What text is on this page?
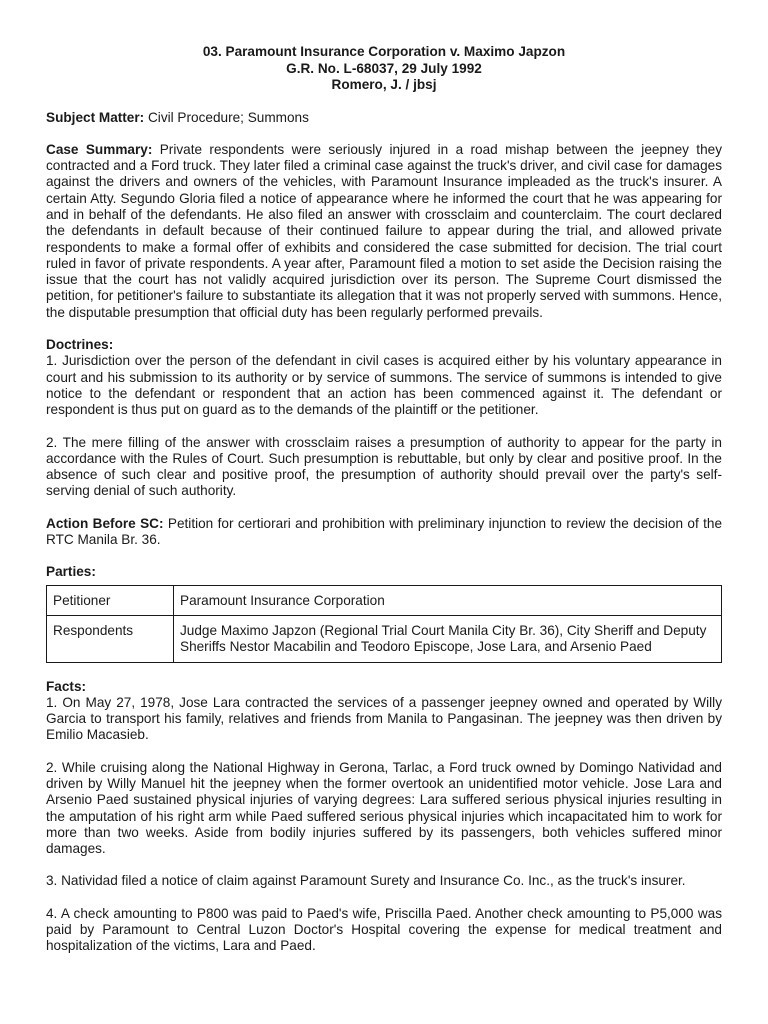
03. Paramount Insurance Corporation v. Maximo Japzon
G.R. No. L-68037, 29 July 1992
Romero, J. / jbsj

Subject Matter: Civil Procedure; Summons

Case Summary: Private respondents were seriously injured in a road mishap between the jeepney they contracted and a Ford truck. They later filed a criminal case against the truck's driver, and civil case for damages against the drivers and owners of the vehicles, with Paramount Insurance impleaded as the truck's insurer. A certain Atty. Segundo Gloria filed a notice of appearance where he informed the court that he was appearing for and in behalf of the defendants. He also filed an answer with crossclaim and counterclaim. The court declared the defendants in default because of their continued failure to appear during the trial, and allowed private respondents to make a formal offer of exhibits and considered the case submitted for decision. The trial court ruled in favor of private respondents. A year after, Paramount filed a motion to set aside the Decision raising the issue that the court has not validly acquired jurisdiction over its person. The Supreme Court dismissed the petition, for petitioner's failure to substantiate its allegation that it was not properly served with summons. Hence, the disputable presumption that official duty has been regularly performed prevails.

Doctrines:

1. Jurisdiction over the person of the defendant in civil cases is acquired either by his voluntary appearance in court and his submission to its authority or by service of summons. The service of summons is intended to give notice to the defendant or respondent that an action has been commenced against it. The defendant or respondent is thus put on guard as to the demands of the plaintiff or the petitioner.

2. The mere filling of the answer with crossclaim raises a presumption of authority to appear for the party in accordance with the Rules of Court. Such presumption is rebuttable, but only by clear and positive proof. In the absence of such clear and positive proof, the presumption of authority should prevail over the party's self-serving denial of such authority.

Action Before SC: Petition for certiorari and prohibition with preliminary injunction to review the decision of the RTC Manila Br. 36.

Parties:
Petitioner	Paramount Insurance Corporation
Respondents	Judge Maximo Japzon (Regional Trial Court Manila City Br. 36), City Sheriff and Deputy Sheriffs Nestor Macabilin and Teodoro Episcope, Jose Lara, and Arsenio Paed
Facts:

1. On May 27, 1978, Jose Lara contracted the services of a passenger jeepney owned and operated by Willy Garcia to transport his family, relatives and friends from Manila to Pangasinan. The jeepney was then driven by Emilio Macasieb.

2. While cruising along the National Highway in Gerona, Tarlac, a Ford truck owned by Domingo Natividad and driven by Willy Manuel hit the jeepney when the former overtook an unidentified motor vehicle. Jose Lara and Arsenio Paed sustained physical injuries of varying degrees: Lara suffered serious physical injuries resulting in the amputation of his right arm while Paed suffered serious physical injuries which incapacitated him to work for more than two weeks. Aside from bodily injuries suffered by its passengers, both vehicles suffered minor damages.

3. Natividad filed a notice of claim against Paramount Surety and Insurance Co. Inc., as the truck's insurer.

4. A check amounting to P800 was paid to Paed's wife, Priscilla Paed. Another check amounting to P5,000 was paid by Paramount to Central Luzon Doctor's Hospital covering the expense for medical treatment and hospitalization of the victims, Lara and Paed.
